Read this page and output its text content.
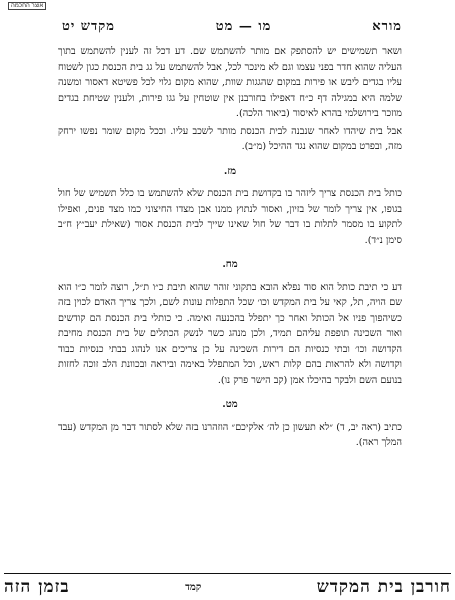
אוצר החכמה
מורא
מו — מט
מקדש יט

ושאר תשמישים יש להסתפק אם מותר להשתמש שם. דע דכל זה לענין להשתמש בתוך העליה שהוא חדר בפני עצמו וגם לא מינכר לכל, אבל להשתמש על גג בית הכנסת כגון לשטוח עליו בגדים ליבש או פירות במקום שהגגות שוות, שהוא מקום גלוי לכל פשיטא דאסור ומשנה שלמה היא במגילה דף כ״ח דאפילו בחורבנן אין שוטחין על גגו פירות, ולענין שטיחת בגדים מוזכר בירושלמי בהרא לאיסור (ביאור הלכה).

אבל בית שיהדו לאחר שנבנה לבית הכנסת מותר לשכב עליו. וככל מקום שומר נפשו ירחק מזה, ובפרט במקום שהוא נגד ההיכל (מ״ב).

מז.

כותל בית הכנסת צריך ליזהר בו בקדושת בית הכנסת שלא להשתמש בו כלל תשמיש של חול בגופו, אין צריך לומר של בזיון, ואסור לנתוץ ממנו אבן מצדו החיצוני כמו מצד פנים, ואפילו לתקוע בו מסמר לתלות בו דבר של חול שאינו שייך לבית הכנסת אסור (שאילת יעב״ץ ח״ב סימן נ״ד).

מח.

דע כי תיבת כותל הוא סוד נפלא הובא בתקוני זוהר שהוא תיבת כ״ו ת״ל, רוצה לומר כ״ו הוא שם הויה, תל, קאי על בית המקדש וכו׳ שכל התפלות עונות לשם, ולכך צריך האדם לכוין בזה כשיהפוך פניו אל הכותל ואחר כך יתפלל בהכנעה ואימה. כי כותלי בית הכנסת הם קודשים ואור השכינה תופפת עליהם תמיד, ולכן מנהג כשר לנשק הכתלים של בית הכנסת מחיבת הקדושה וכו׳ ובתי כנסיות הם דירות השכינה על כן צריכים אנו לנהוג בבתי כנסיות כבוד וקדושה ולא להראות בהם קלות ראש, וכל המתפלל באימה וביראה ובכוונת הלב זוכה לחזות בנועם השם ולבקר בהיכלו אמן (קב הישר פרק נו).

מט.

כתיב (ראה יב, ד) ״לא תעשון כן לה׳ אלקיכם״ הוזהרנו בזה שלא לסתור דבר מן המקדש (עבד המלך ראה).

חורבן בית המקדש
קמד
בזמן הזה
